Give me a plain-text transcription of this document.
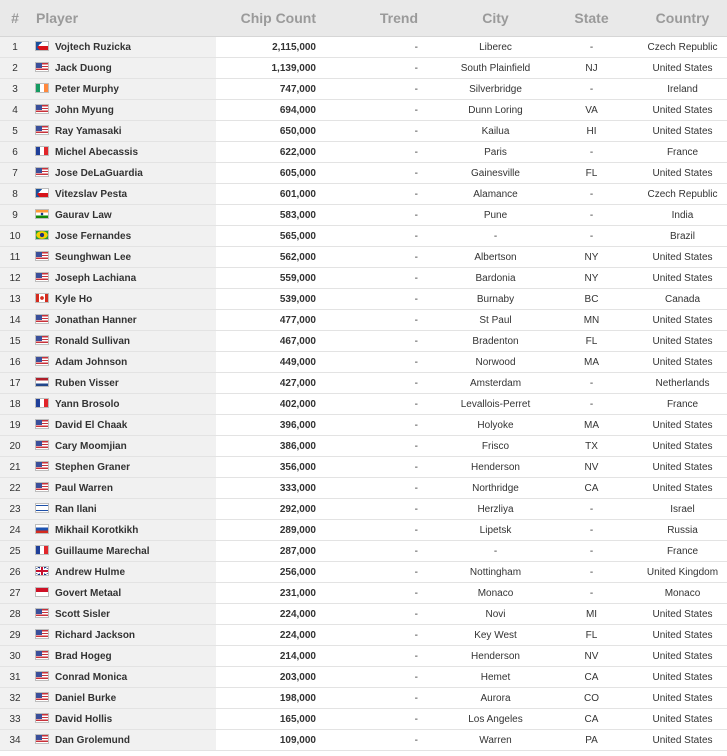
#	Player	Chip Count	Trend	City	State	Country
1	Vojtech Ruzicka	2,115,000	-	Liberec	-	Czech Republic
2	Jack Duong	1,139,000	-	South Plainfield	NJ	United States
3	Peter Murphy	747,000	-	Silverbridge	-	Ireland
4	John Myung	694,000	-	Dunn Loring	VA	United States
5	Ray Yamasaki	650,000	-	Kailua	HI	United States
6	Michel Abecassis	622,000	-	Paris	-	France
7	Jose DeLaGuardia	605,000	-	Gainesville	FL	United States
8	Vitezslav Pesta	601,000	-	Alamance	-	Czech Republic
9	Gaurav Law	583,000	-	Pune	-	India
10	Jose Fernandes	565,000	-	-	-	Brazil
11	Seunghwan Lee	562,000	-	Albertson	NY	United States
12	Joseph Lachiana	559,000	-	Bardonia	NY	United States
13	Kyle Ho	539,000	-	Burnaby	BC	Canada
14	Jonathan Hanner	477,000	-	St Paul	MN	United States
15	Ronald Sullivan	467,000	-	Bradenton	FL	United States
16	Adam Johnson	449,000	-	Norwood	MA	United States
17	Ruben Visser	427,000	-	Amsterdam	-	Netherlands
18	Yann Brosolo	402,000	-	Levallois-Perret	-	France
19	David El Chaak	396,000	-	Holyoke	MA	United States
20	Cary Moomjian	386,000	-	Frisco	TX	United States
21	Stephen Graner	356,000	-	Henderson	NV	United States
22	Paul Warren	333,000	-	Northridge	CA	United States
23	Ran Ilani	292,000	-	Herzliya	-	Israel
24	Mikhail Korotkikh	289,000	-	Lipetsk	-	Russia
25	Guillaume Marechal	287,000	-	-	-	France
26	Andrew Hulme	256,000	-	Nottingham	-	United Kingdom
27	Govert Metaal	231,000	-	Monaco	-	Monaco
28	Scott Sisler	224,000	-	Novi	MI	United States
29	Richard Jackson	224,000	-	Key West	FL	United States
30	Brad Hogeg	214,000	-	Henderson	NV	United States
31	Conrad Monica	203,000	-	Hemet	CA	United States
32	Daniel Burke	198,000	-	Aurora	CO	United States
33	David Hollis	165,000	-	Los Angeles	CA	United States
34	Dan Grolemund	109,000	-	Warren	PA	United States
